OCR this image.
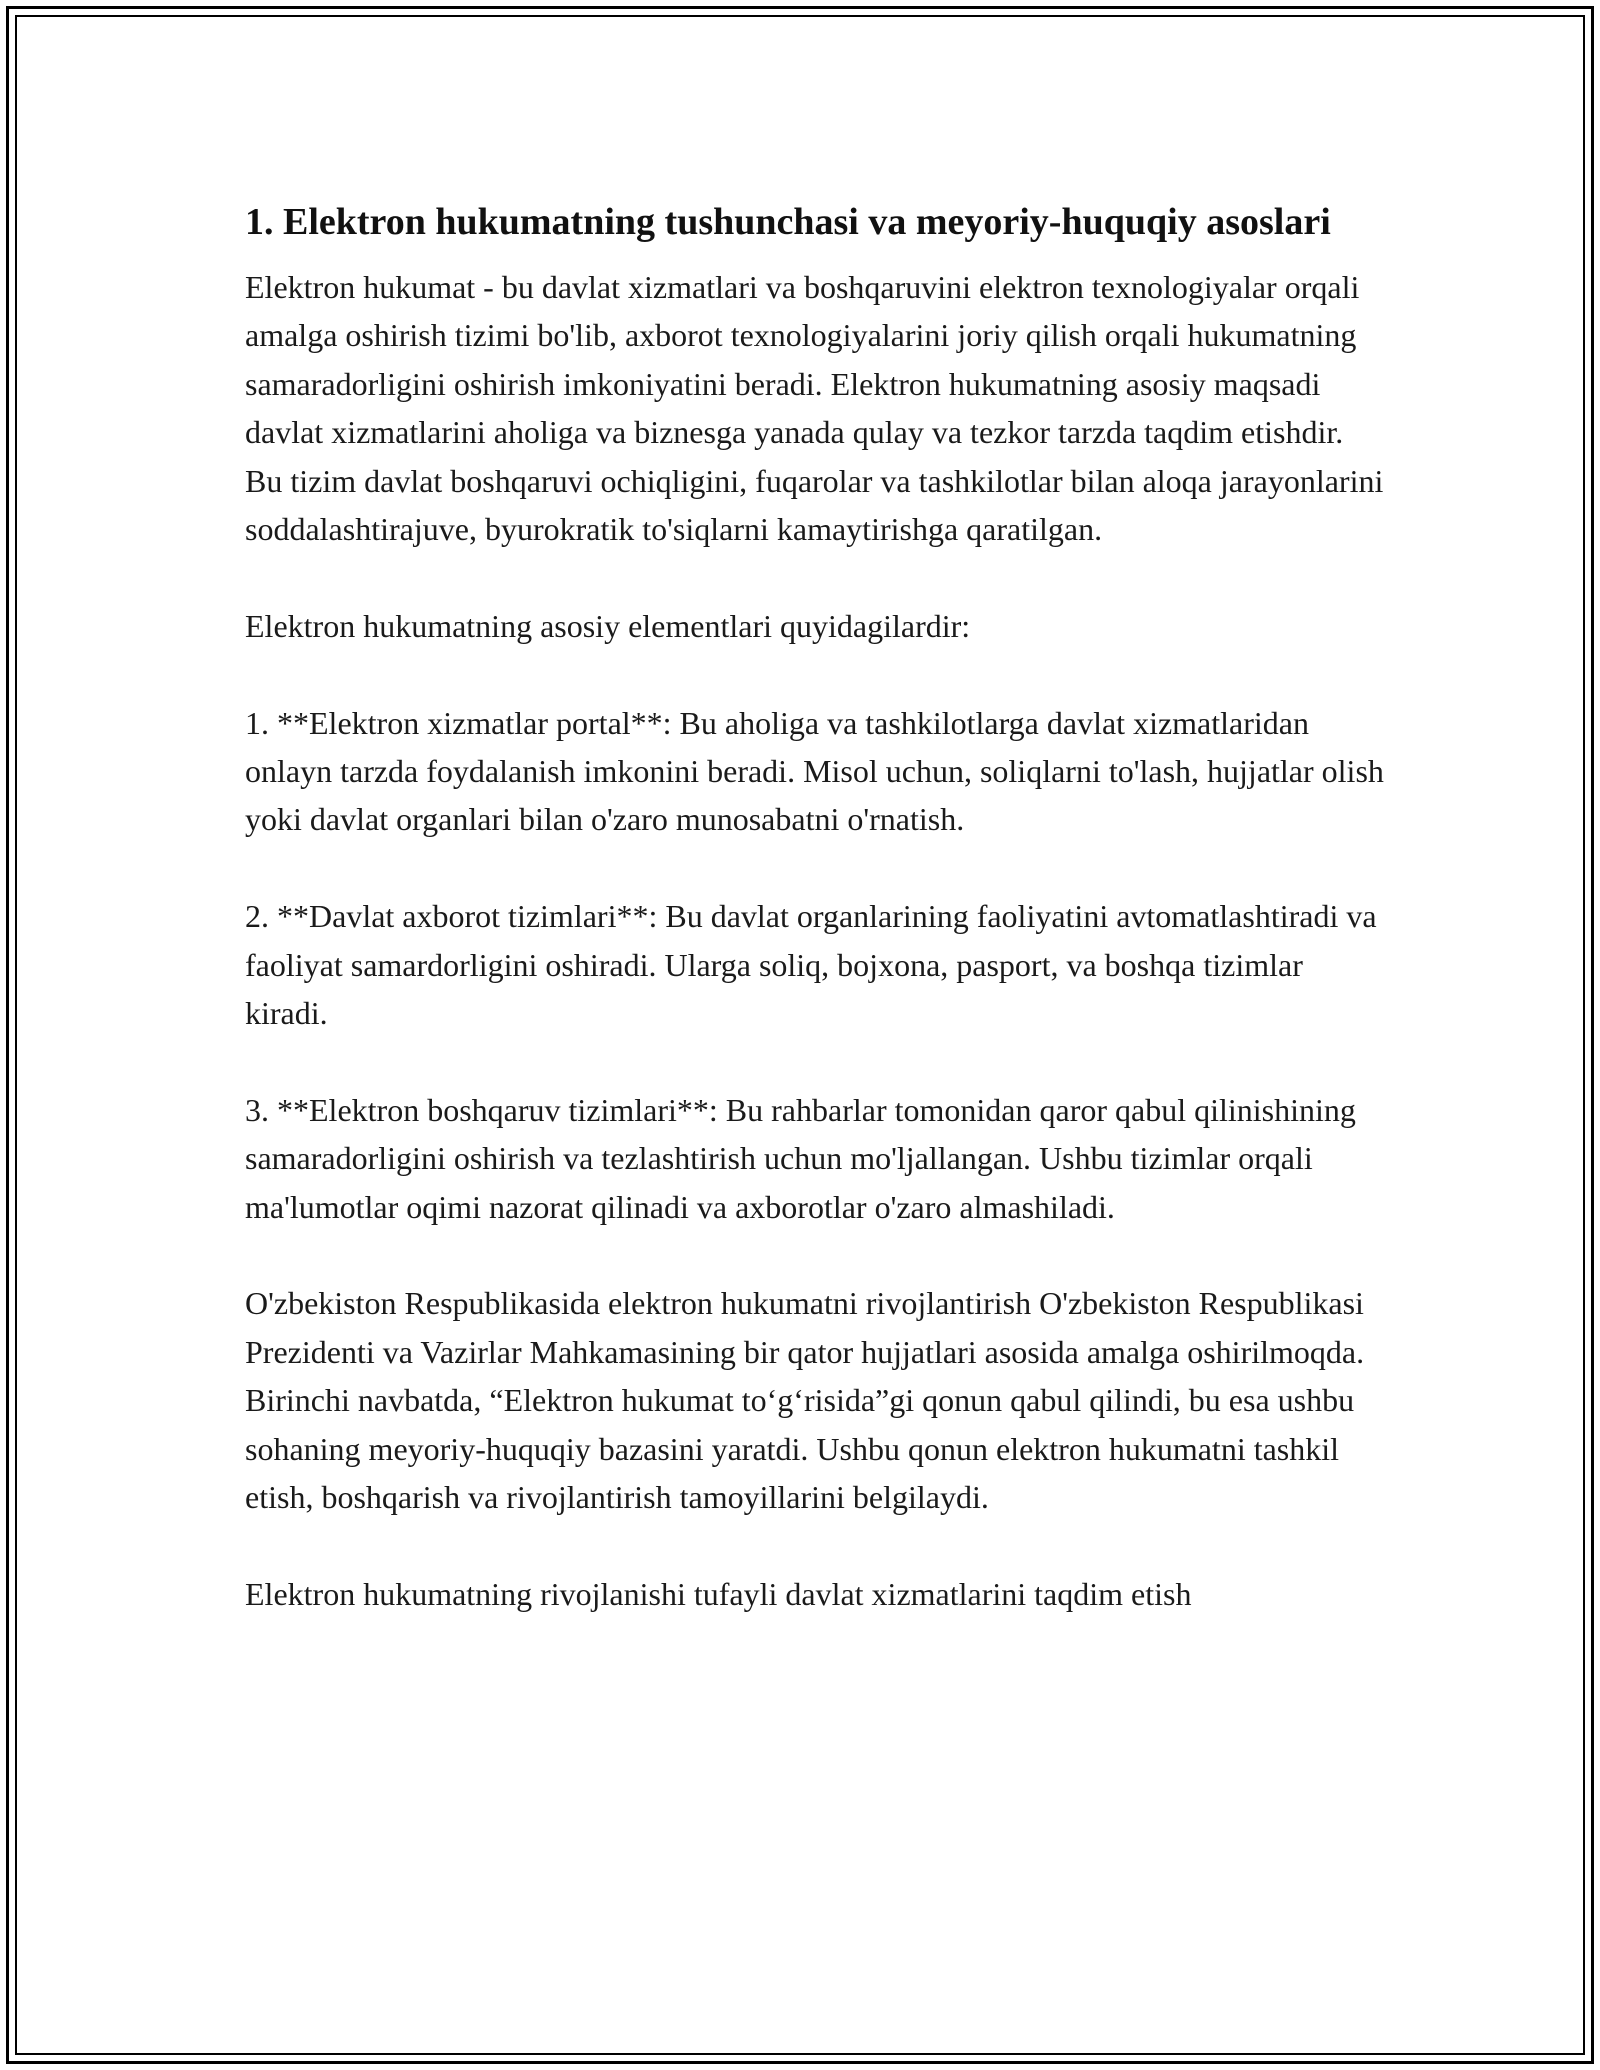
1. Elektron hukumatning tushunchasi va meyoriy-huquqiy asoslari

Elektron hukumat - bu davlat xizmatlari va boshqaruvini elektron texnologiyalar orqali amalga oshirish tizimi bo'lib, axborot texnologiyalarini joriy qilish orqali hukumatning samaradorligini oshirish imkoniyatini beradi. Elektron hukumatning asosiy maqsadi davlat xizmatlarini aholiga va biznesga yanada qulay va tezkor tarzda taqdim etishdir. Bu tizim davlat boshqaruvi ochiqligini, fuqarolar va tashkilotlar bilan aloqa jarayonlarini soddalashtirajuve, byurokratik to'siqlarni kamaytirishga qaratilgan.

Elektron hukumatning asosiy elementlari quyidagilardir:

1. **Elektron xizmatlar portal**: Bu aholiga va tashkilotlarga davlat xizmatlaridan onlayn tarzda foydalanish imkonini beradi. Misol uchun, soliqlarni to'lash, hujjatlar olish yoki davlat organlari bilan o'zaro munosabatni o'rnatish.

2. **Davlat axborot tizimlari**: Bu davlat organlarining faoliyatini avtomatlashtiradi va faoliyat samardorligini oshiradi. Ularga soliq, bojxona, pasport, va boshqa tizimlar kiradi.

3. **Elektron boshqaruv tizimlari**: Bu rahbarlar tomonidan qaror qabul qilinishining samaradorligini oshirish va tezlashtirish uchun mo'ljallangan. Ushbu tizimlar orqali ma'lumotlar oqimi nazorat qilinadi va axborotlar o'zaro almashiladi.

O'zbekiston Respublikasida elektron hukumatni rivojlantirish O'zbekiston Respublikasi Prezidenti va Vazirlar Mahkamasining bir qator hujjatlari asosida amalga oshirilmoqda. Birinchi navbatda, “Elektron hukumat to‘g‘risida”gi qonun qabul qilindi, bu esa ushbu sohaning meyoriy-huquqiy bazasini yaratdi. Ushbu qonun elektron hukumatni tashkil etish, boshqarish va rivojlantirish tamoyillarini belgilaydi.

Elektron hukumatning rivojlanishi tufayli davlat xizmatlarini taqdim etish
